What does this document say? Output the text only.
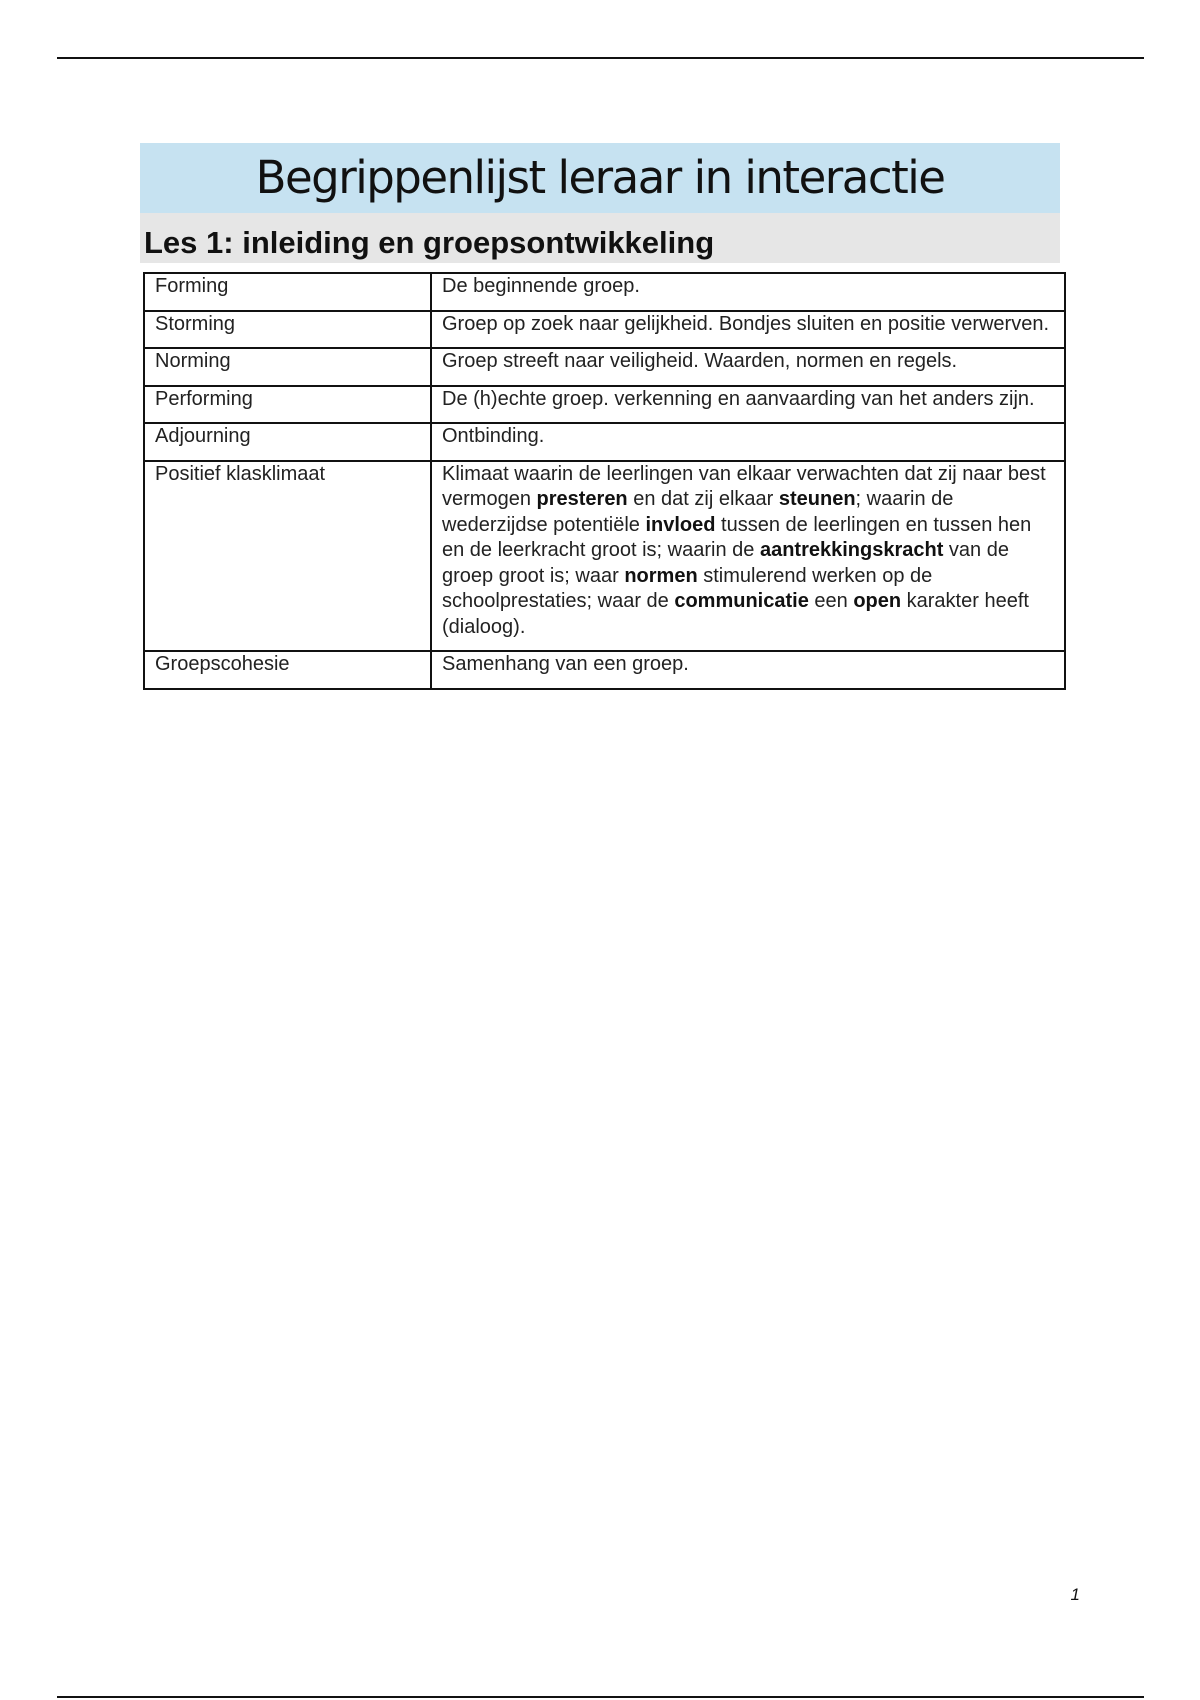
Begrippenlijst leraar in interactie
Les 1: inleiding en groepsontwikkeling
Forming	De beginnende groep.
Storming	Groep op zoek naar gelijkheid. Bondjes sluiten en positie verwerven.
Norming	Groep streeft naar veiligheid. Waarden, normen en regels.
Performing	De (h)echte groep. verkenning en aanvaarding van het anders zijn.
Adjourning	Ontbinding.
Positief klasklimaat	Klimaat waarin de leerlingen van elkaar verwachten dat zij naar best vermogen presteren en dat zij elkaar steunen; waarin de wederzijdse potentiële invloed tussen de leerlingen en tussen hen en de leerkracht groot is; waarin de aantrekkingskracht van de groep groot is; waar normen stimulerend werken op de schoolprestaties; waar de communicatie een open karakter heeft (dialoog).
Groepscohesie	Samenhang van een groep.
1
